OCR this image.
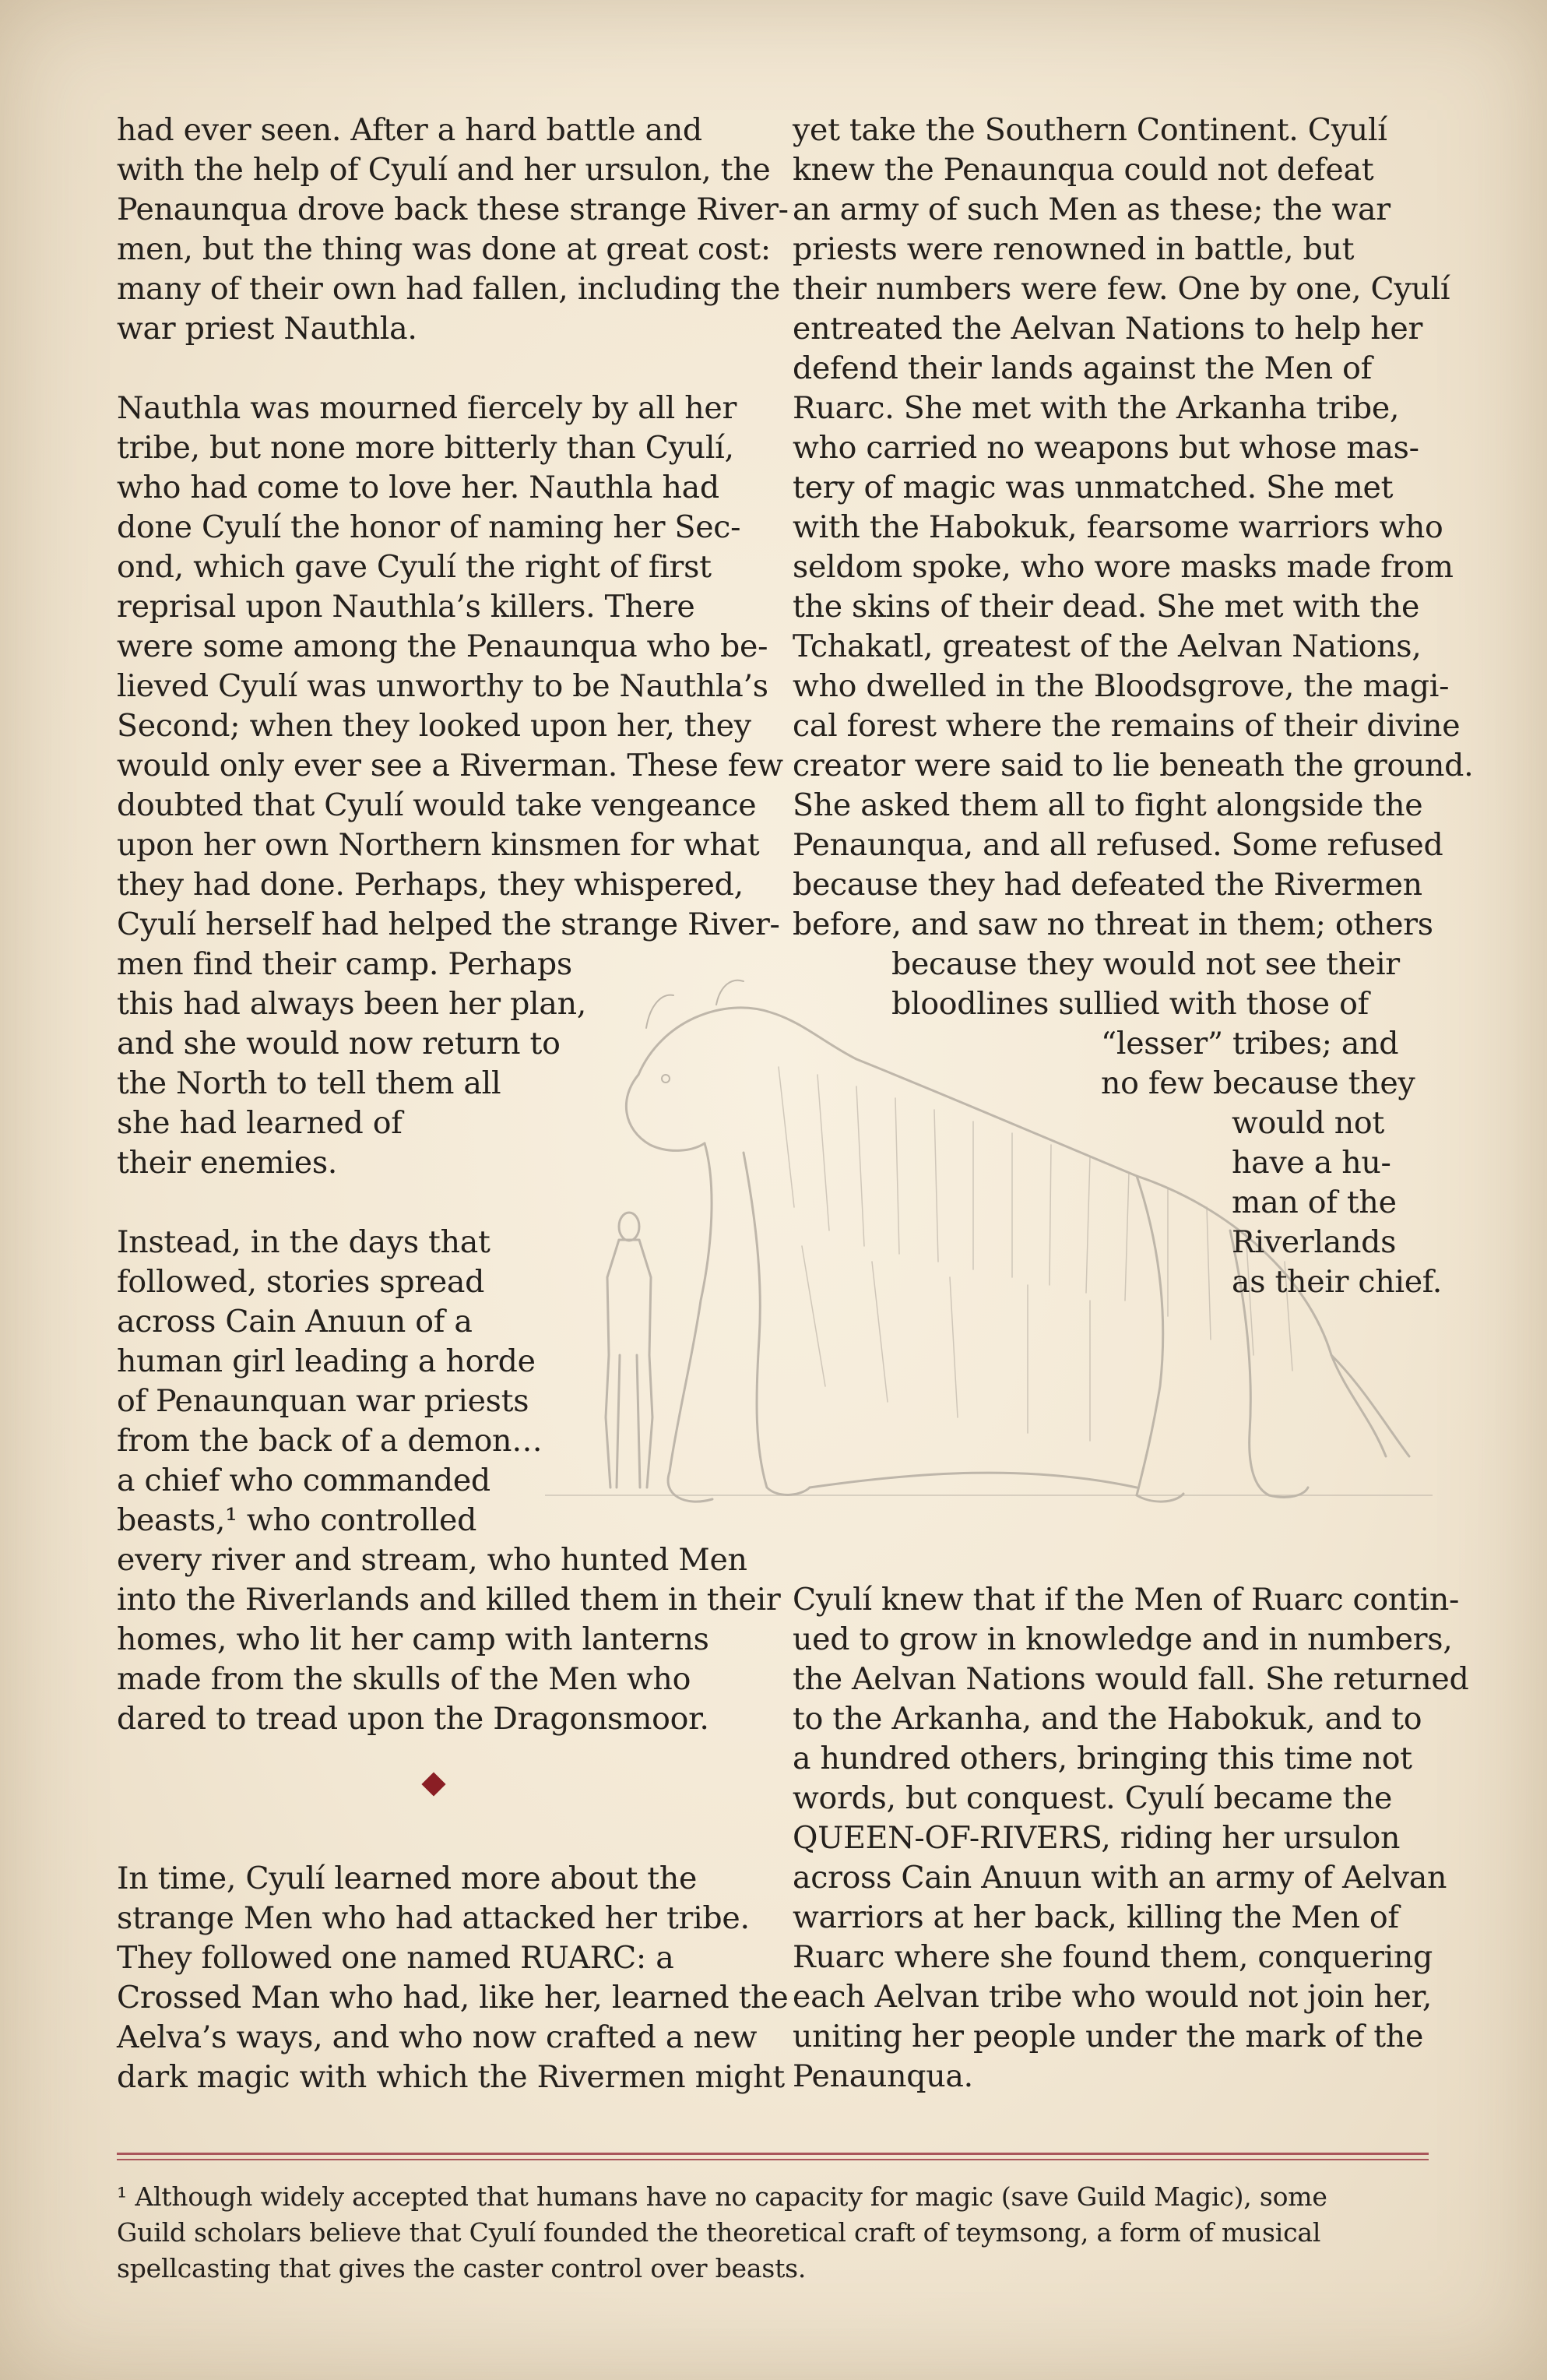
had ever seen. After a hard battle and
with the help of Cyulí and her ursulon, the
Penaunqua drove back these strange River-
men, but the thing was done at great cost:
many of their own had fallen, including the
war priest Nauthla.
Nauthla was mourned fiercely by all her
tribe, but none more bitterly than Cyulí,
who had come to love her. Nauthla had
done Cyulí the honor of naming her Sec-
ond, which gave Cyulí the right of first
reprisal upon Nauthla’s killers. There
were some among the Penaunqua who be-
lieved Cyulí was unworthy to be Nauthla’s
Second; when they looked upon her, they
would only ever see a Riverman. These few
doubted that Cyulí would take vengeance
upon her own Northern kinsmen for what
they had done. Perhaps, they whispered,
Cyulí herself had helped the strange River-
men find their camp. Perhaps
this had always been her plan,
and she would now return to
the North to tell them all
she had learned of
their enemies.
Instead, in the days that
followed, stories spread
across Cain Anuun of a
human girl leading a horde
of Penaunquan war priests
from the back of a demon…
a chief who commanded
beasts,¹ who controlled
every river and stream, who hunted Men
into the Riverlands and killed them in their
homes, who lit her camp with lanterns
made from the skulls of the Men who
dared to tread upon the Dragonsmoor.
In time, Cyulí learned more about the
strange Men who had attacked her tribe.
They followed one named RUARC: a
Crossed Man who had, like her, learned the
Aelva’s ways, and who now crafted a new
dark magic with which the Rivermen might
yet take the Southern Continent. Cyulí
knew the Penaunqua could not defeat
an army of such Men as these; the war
priests were renowned in battle, but
their numbers were few. One by one, Cyulí
entreated the Aelvan Nations to help her
defend their lands against the Men of
Ruarc. She met with the Arkanha tribe,
who carried no weapons but whose mas-
tery of magic was unmatched. She met
with the Habokuk, fearsome warriors who
seldom spoke, who wore masks made from
the skins of their dead. She met with the
Tchakatl, greatest of the Aelvan Nations,
who dwelled in the Bloodsgrove, the magi-
cal forest where the remains of their divine
creator were said to lie beneath the ground.
She asked them all to fight alongside the
Penaunqua, and all refused. Some refused
because they had defeated the Rivermen
before, and saw no threat in them; others
because they would not see their
bloodlines sullied with those of
“lesser” tribes; and
no few because they
would not
have a hu-
man of the
Riverlands
as their chief.
Cyulí knew that if the Men of Ruarc contin-
ued to grow in knowledge and in numbers,
the Aelvan Nations would fall. She returned
to the Arkanha, and the Habokuk, and to
a hundred others, bringing this time not
words, but conquest. Cyulí became the
QUEEN-OF-RIVERS, riding her ursulon
across Cain Anuun with an army of Aelvan
warriors at her back, killing the Men of
Ruarc where she found them, conquering
each Aelvan tribe who would not join her,
uniting her people under the mark of the
Penaunqua.
¹ Although widely accepted that humans have no capacity for magic (save Guild Magic), some
Guild scholars believe that Cyulí founded the theoretical craft of teymsong, a form of musical
spellcasting that gives the caster control over beasts.
